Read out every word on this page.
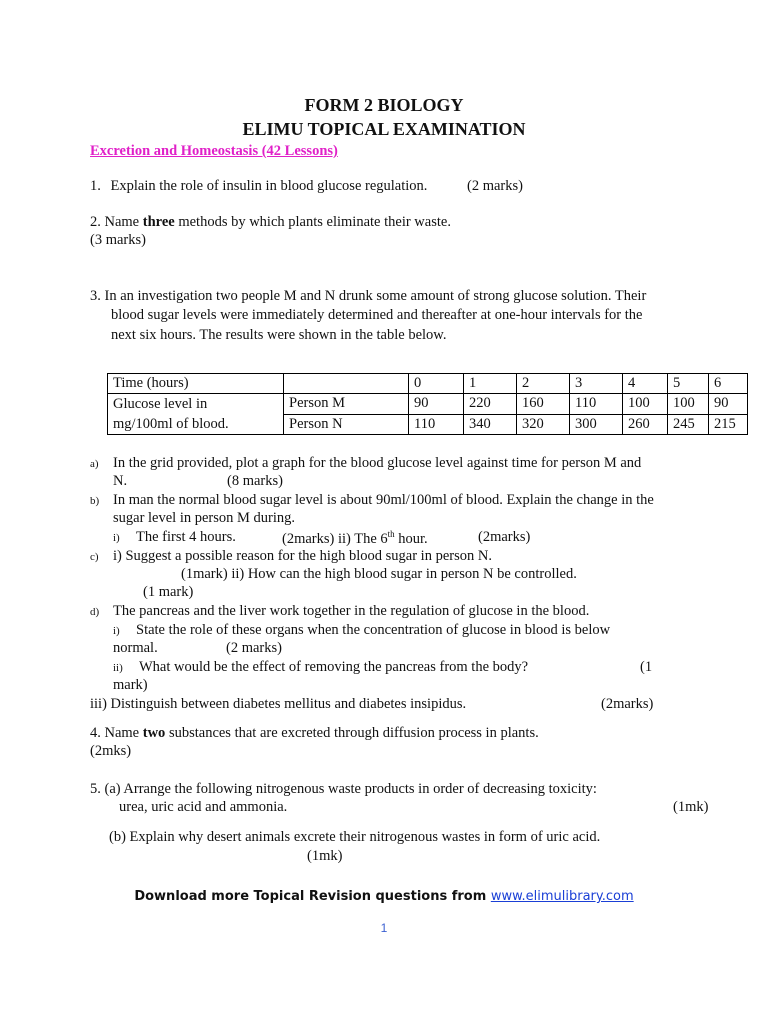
FORM 2 BIOLOGY
ELIMU TOPICAL EXAMINATION
Excretion and Homeostasis (42 Lessons)
1. Explain the role of insulin in blood glucose regulation.	(2 marks)
2. Name three methods by which plants eliminate their waste.
(3 marks)
3. In an investigation two people M and N drunk some amount of strong glucose solution. Their
blood sugar levels were immediately determined and thereafter at one-hour intervals for the
next six hours. The results were shown in the table below.
Time (hours)		0	1	2	3	4	5	6

Glucose level in
mg/100ml of blood.	Person M	90	220	160	110	100	100	90
	Person N	110	340	320	300	260	245	215
a) In the grid provided, plot a graph for the blood glucose level against time for person M and
N.	(8 marks)
b) In man the normal blood sugar level is about 90ml/100ml of blood. Explain the change in the
sugar level in person M during.
i) The first 4 hours.	(2marks) ii) The 6th hour.	(2marks)
c) i) Suggest a possible reason for the high blood sugar in person N.
(1mark) ii) How can the high blood sugar in person N be controlled.
(1 mark)
d) The pancreas and the liver work together in the regulation of glucose in the blood.
i) State the role of these organs when the concentration of glucose in blood is below
normal.	(2 marks)
ii) What would be the effect of removing the pancreas from the body?	(1
mark)
iii) Distinguish between diabetes mellitus and diabetes insipidus.	(2marks)
4. Name two substances that are excreted through diffusion process in plants.
(2mks)
5. (a) Arrange the following nitrogenous waste products in order of decreasing toxicity:
urea, uric acid and ammonia.	(1mk)
(b) Explain why desert animals excrete their nitrogenous wastes in form of uric acid.
(1mk)
Download more Topical Revision questions from www.elimulibrary.com
1
